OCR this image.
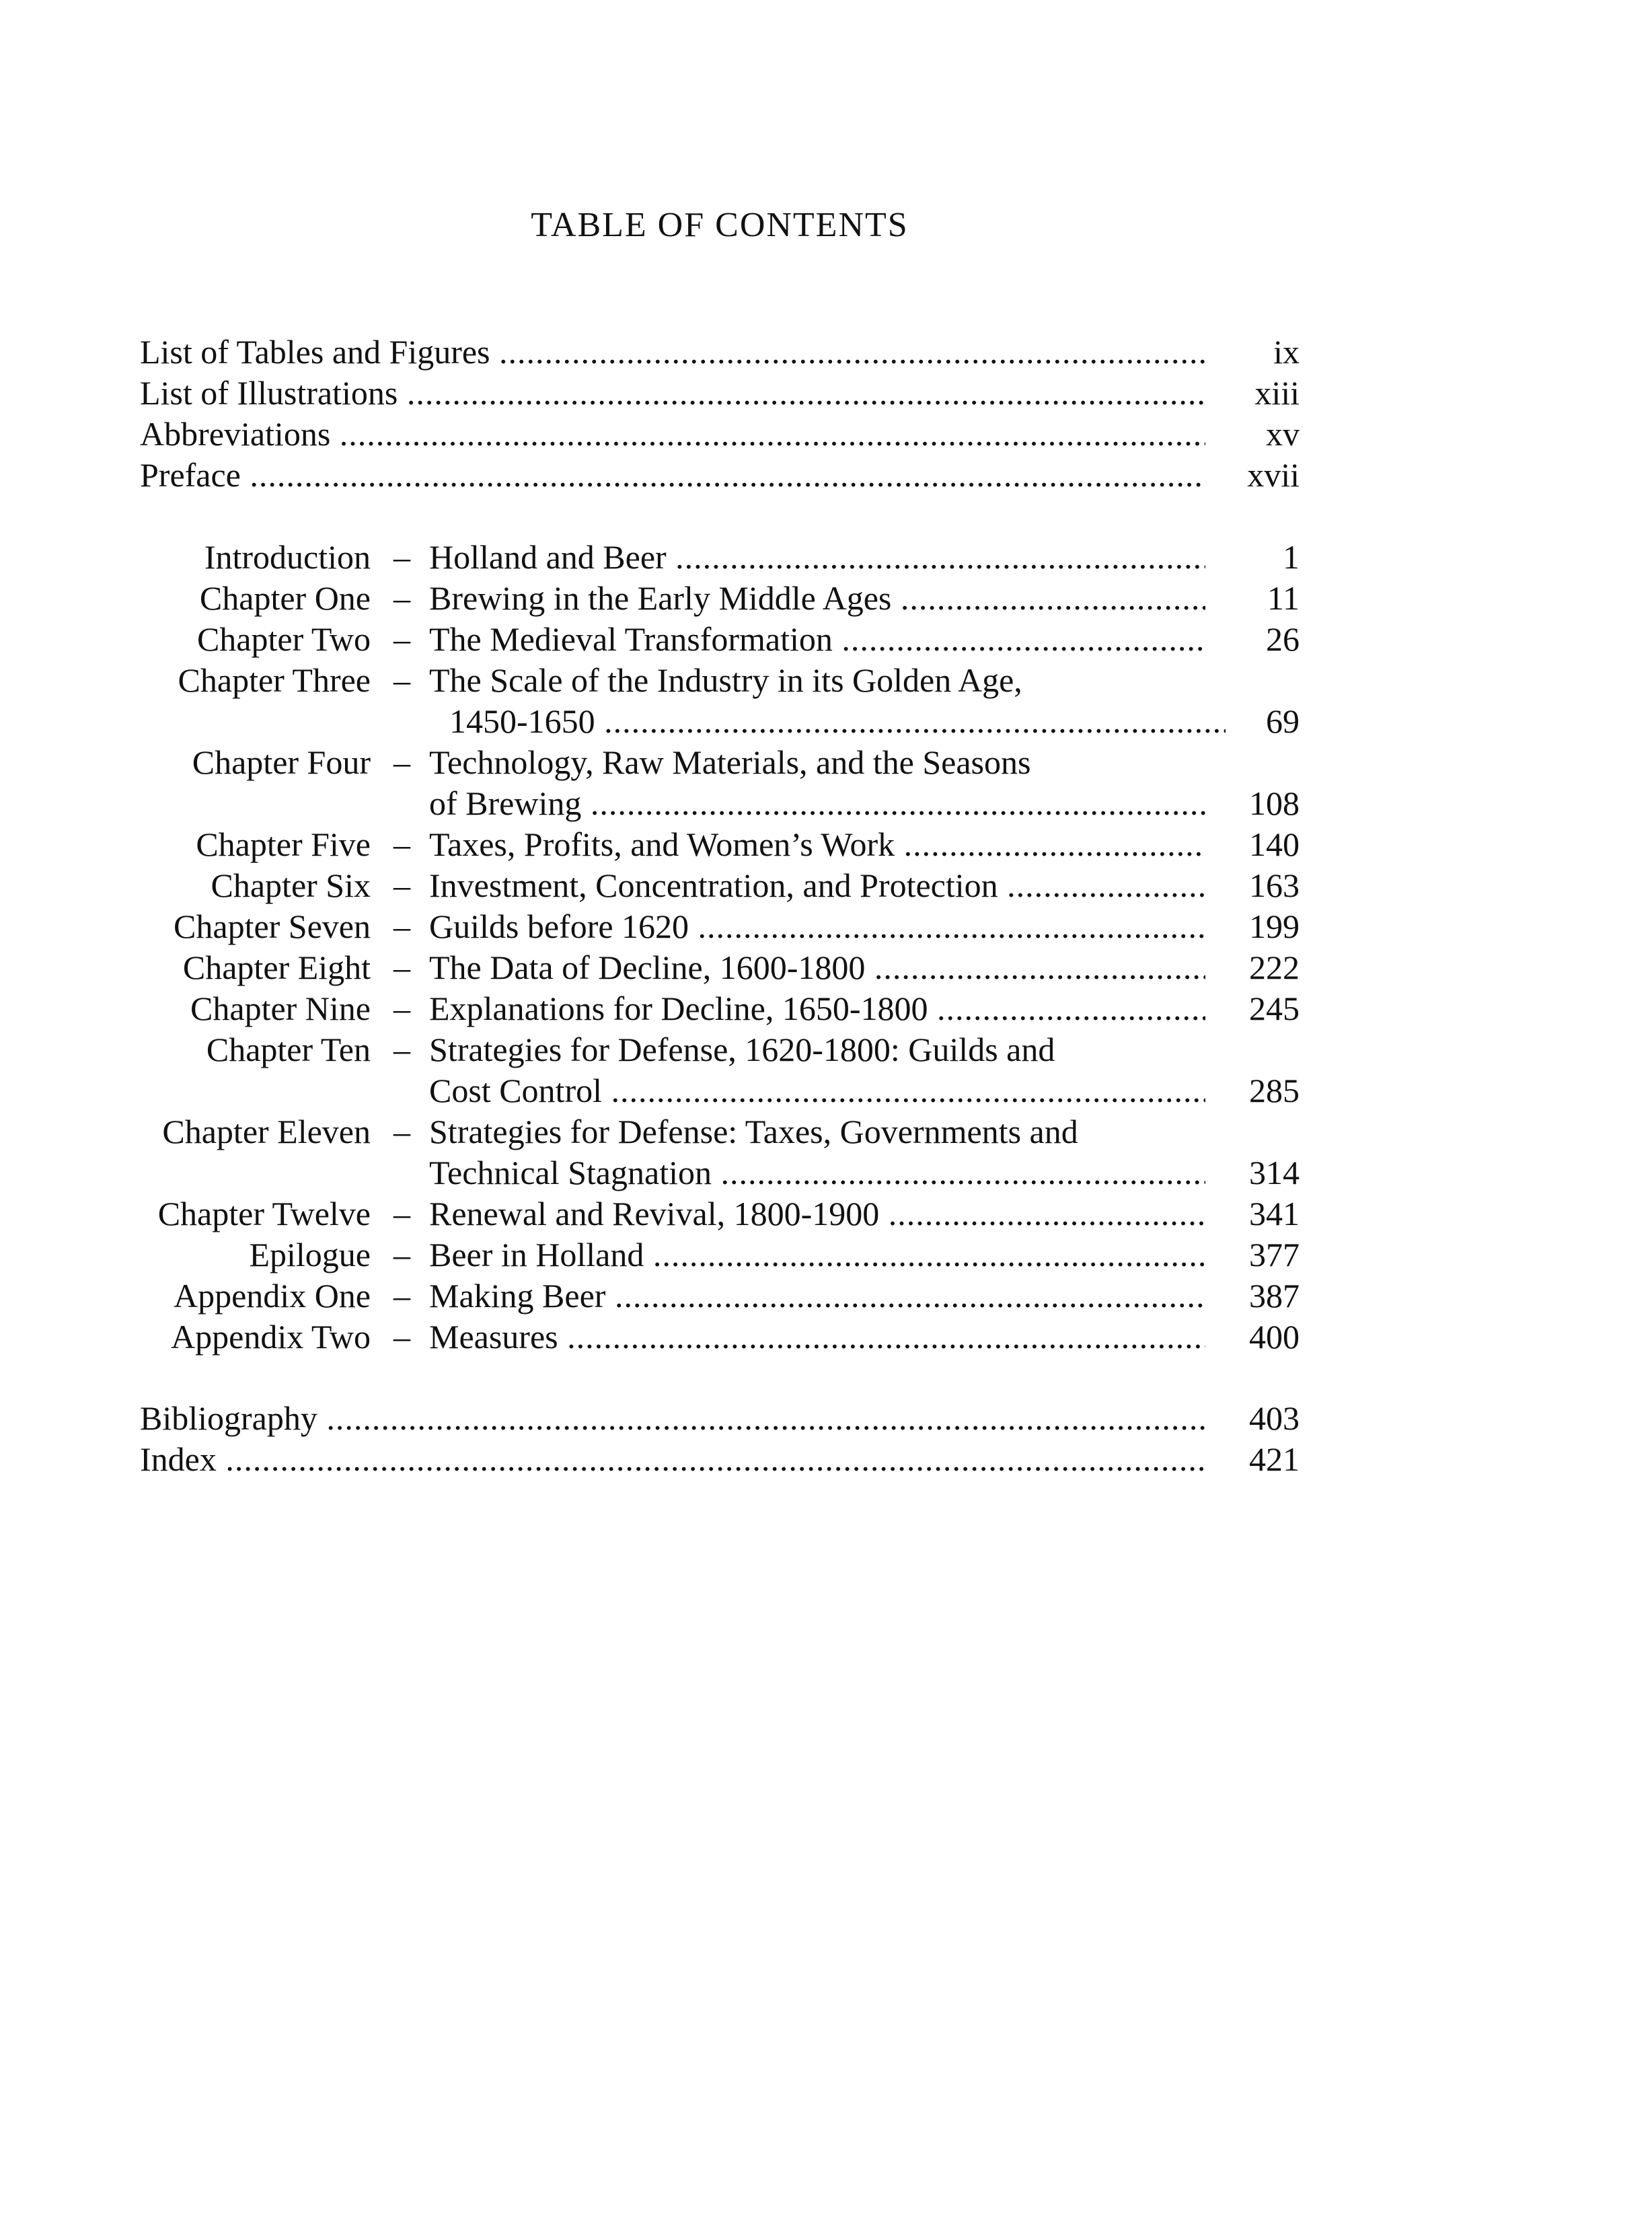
TABLE OF CONTENTS
List of Tables and Figures .....	ix
List of Illustrations .....	xiii
Abbreviations .....	xv
Preface .....	xvii
Introduction – Holland and Beer .....	1
Chapter One – Brewing in the Early Middle Ages .....	11
Chapter Two – The Medieval Transformation .....	26
Chapter Three – The Scale of the Industry in its Golden Age,
1450-1650 .....	69
Chapter Four – Technology, Raw Materials, and the Seasons
of Brewing .....	108
Chapter Five – Taxes, Profits, and Women’s Work .....	140
Chapter Six – Investment, Concentration, and Protection .....	163
Chapter Seven – Guilds before 1620 .....	199
Chapter Eight – The Data of Decline, 1600-1800 .....	222
Chapter Nine – Explanations for Decline, 1650-1800 .....	245
Chapter Ten – Strategies for Defense, 1620-1800: Guilds and
Cost Control .....	285
Chapter Eleven – Strategies for Defense: Taxes, Governments and
Technical Stagnation .....	314
Chapter Twelve – Renewal and Revival, 1800-1900 .....	341
Epilogue – Beer in Holland .....	377
Appendix One – Making Beer .....	387
Appendix Two – Measures .....	400
Bibliography .....	403
Index .....	421
